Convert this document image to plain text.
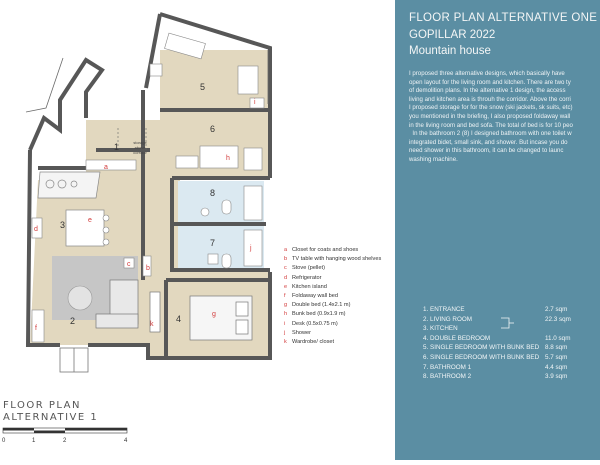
1
2
3
4
5
6
7
8
storage
above
corridor
a
b
c
d
e
f
g
h
i
j
k
a Closet for coats and shoes
b TV table with hanging wood shelves
c Stove (pellet)
d Refrigerator
e Kitchen island
f Foldaway wall bed
g Double bed (1.4x2.1 m)
h Bunk bed (0.9x1.9 m)
i Desk (0.5x0.75 m)
j Shower
k Wardrobe/ closet
FLOOR PLAN
ALTERNATIVE 1
0	1	2	4
FLOOR PLAN ALTERNATIVE ONE
GOPILLAR 2022
Mountain house
I proposed three alternative designs, which basically have
open layout for the living room and kitchen. There are two ty
of demolition plans. In the alternative 1 design, the access
living and kitchen area is throuh the corridor. Above the corri
I proposed storage for for the snow (ski jackets, sk suits, etc)
you mentioned in the briefing, I also proposed foldaway wall
in the living room and bed sofa. The total of bed is for 10 peo
In the bathroom 2 (8) I designed bathroom with one toilet w
integrated bidet, small sink, and shower. But incase you do
need shower in this bathroom, it can be changed to launc
washing machine.
1. ENTRANCE	2.7 sqm
2. LIVING ROOM	22.3 sqm
3. KITCHEN
4. DOUBLE BEDROOM	11.0 sqm
5. SINGLE BEDROOM WITH BUNK BED 8.8 sqm
6. SINGLE BEDROOM WITH BUNK BED 5.7 sqm
7. BATHROOM 1	4.4 sqm
8. BATHROOM 2	3.9 sqm
